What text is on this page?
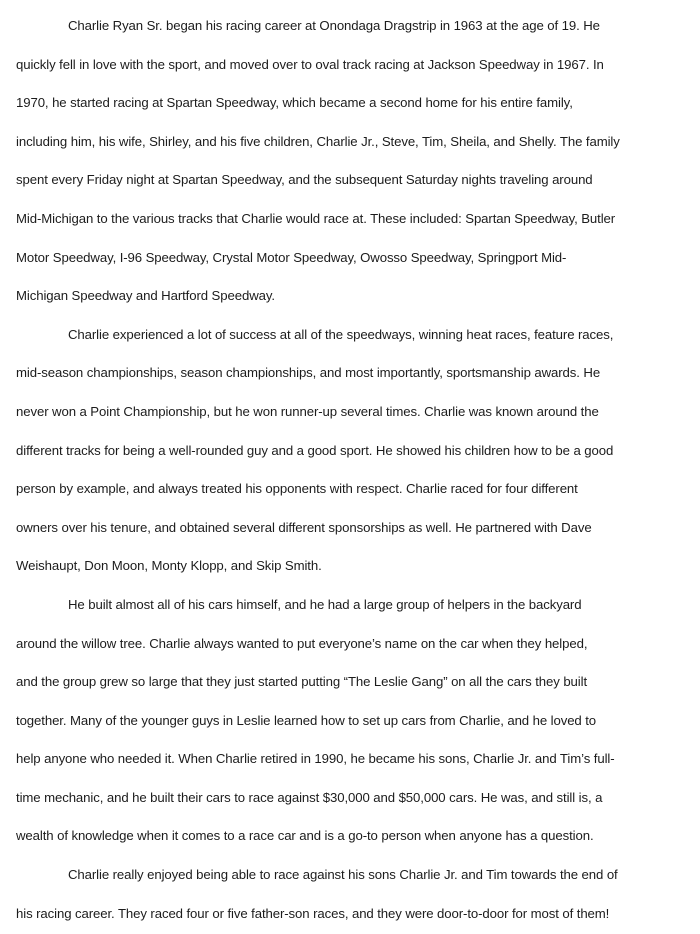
Charlie Ryan Sr. began his racing career at Onondaga Dragstrip in 1963 at the age of 19. He
quickly fell in love with the sport, and moved over to oval track racing at Jackson Speedway in 1967. In
1970, he started racing at Spartan Speedway, which became a second home for his entire family,
including him, his wife, Shirley, and his five children, Charlie Jr., Steve, Tim, Sheila, and Shelly. The family
spent every Friday night at Spartan Speedway, and the subsequent Saturday nights traveling around
Mid-Michigan to the various tracks that Charlie would race at. These included: Spartan Speedway, Butler
Motor Speedway, I-96 Speedway, Crystal Motor Speedway, Owosso Speedway, Springport Mid-
Michigan Speedway and Hartford Speedway.
Charlie experienced a lot of success at all of the speedways, winning heat races, feature races,
mid-season championships, season championships, and most importantly, sportsmanship awards. He
never won a Point Championship, but he won runner-up several times. Charlie was known around the
different tracks for being a well-rounded guy and a good sport. He showed his children how to be a good
person by example, and always treated his opponents with respect. Charlie raced for four different
owners over his tenure, and obtained several different sponsorships as well. He partnered with Dave
Weishaupt, Don Moon, Monty Klopp, and Skip Smith.
He built almost all of his cars himself, and he had a large group of helpers in the backyard
around the willow tree. Charlie always wanted to put everyone’s name on the car when they helped,
and the group grew so large that they just started putting “The Leslie Gang” on all the cars they built
together. Many of the younger guys in Leslie learned how to set up cars from Charlie, and he loved to
help anyone who needed it. When Charlie retired in 1990, he became his sons, Charlie Jr. and Tim’s full-
time mechanic, and he built their cars to race against $30,000 and $50,000 cars. He was, and still is, a
wealth of knowledge when it comes to a race car and is a go-to person when anyone has a question.
Charlie really enjoyed being able to race against his sons Charlie Jr. and Tim towards the end of
his racing career. They raced four or five father-son races, and they were door-to-door for most of them!
